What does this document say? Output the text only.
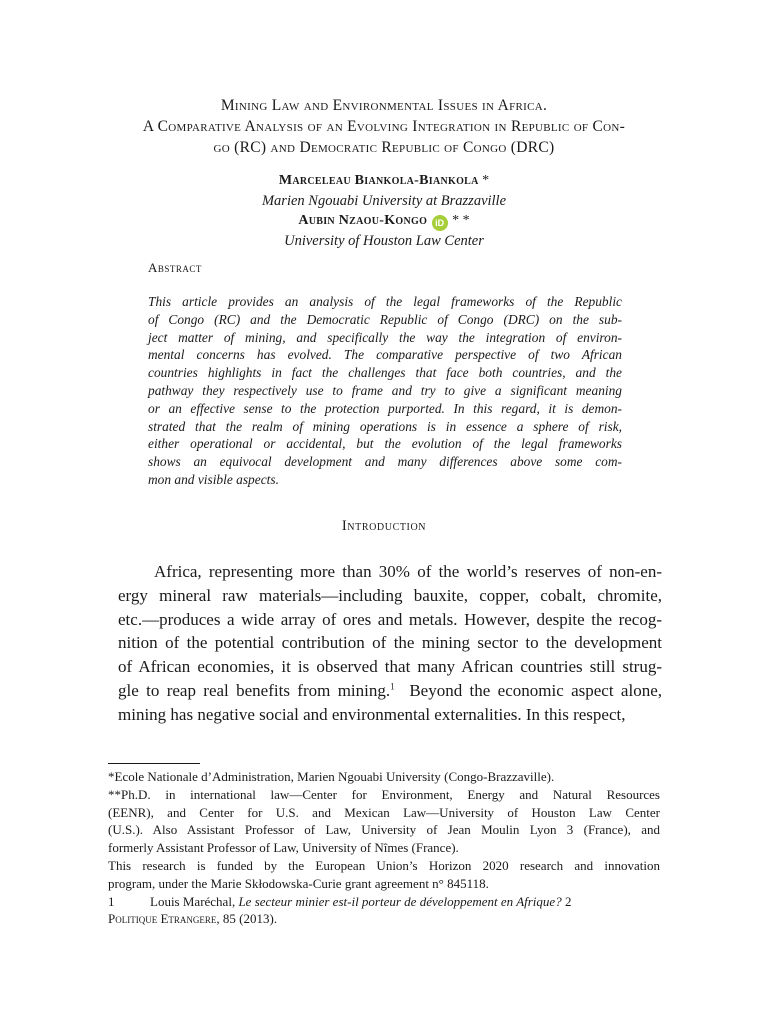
Mining Law and Environmental Issues in Africa.
A Comparative Analysis of an Evolving Integration in Republic of Con-
go (RC) and Democratic Republic of Congo (DRC)
Marceleau Biankola-Biankola *
Marien Ngouabi University at Brazzaville
Aubin Nzaou-Kongo iD * *
University of Houston Law Center
Abstract
This article provides an analysis of the legal frameworks of the Republic
of Congo (RC) and the Democratic Republic of Congo (DRC) on the sub-
ject matter of mining, and specifically the way the integration of environ-
mental concerns has evolved. The comparative perspective of two African
countries highlights in fact the challenges that face both countries, and the
pathway they respectively use to frame and try to give a significant meaning
or an effective sense to the protection purported. In this regard, it is demon-
strated that the realm of mining operations is in essence a sphere of risk,
either operational or accidental, but the evolution of the legal frameworks
shows an equivocal development and many differences above some com-
mon and visible aspects.
Introduction
Africa, representing more than 30% of the world’s reserves of non-en-
ergy mineral raw materials—including bauxite, copper, cobalt, chromite,
etc.—produces a wide array of ores and metals. However, despite the recog-
nition of the potential contribution of the mining sector to the development
of African economies, it is observed that many African countries still strug-
gle to reap real benefits from mining.$^1$  Beyond the economic aspect alone,
mining has negative social and environmental externalities. In this respect,
*Ecole Nationale d’Administration, Marien Ngouabi University (Congo-Brazzaville).
**Ph.D. in international law—Center for Environment, Energy and Natural Resources
(EENR), and Center for U.S. and Mexican Law—University of Houston Law Center
(U.S.). Also Assistant Professor of Law, University of Jean Moulin Lyon 3 (France), and
formerly Assistant Professor of Law, University of Nîmes (France).
This research is funded by the European Union’s Horizon 2020 research and innovation
program, under the Marie Skłodowska-Curie grant agreement n° 845118.
1	Louis Maréchal, Le secteur minier est-il porteur de développement en Afrique? 2
Politique Etrangere, 85 (2013).
